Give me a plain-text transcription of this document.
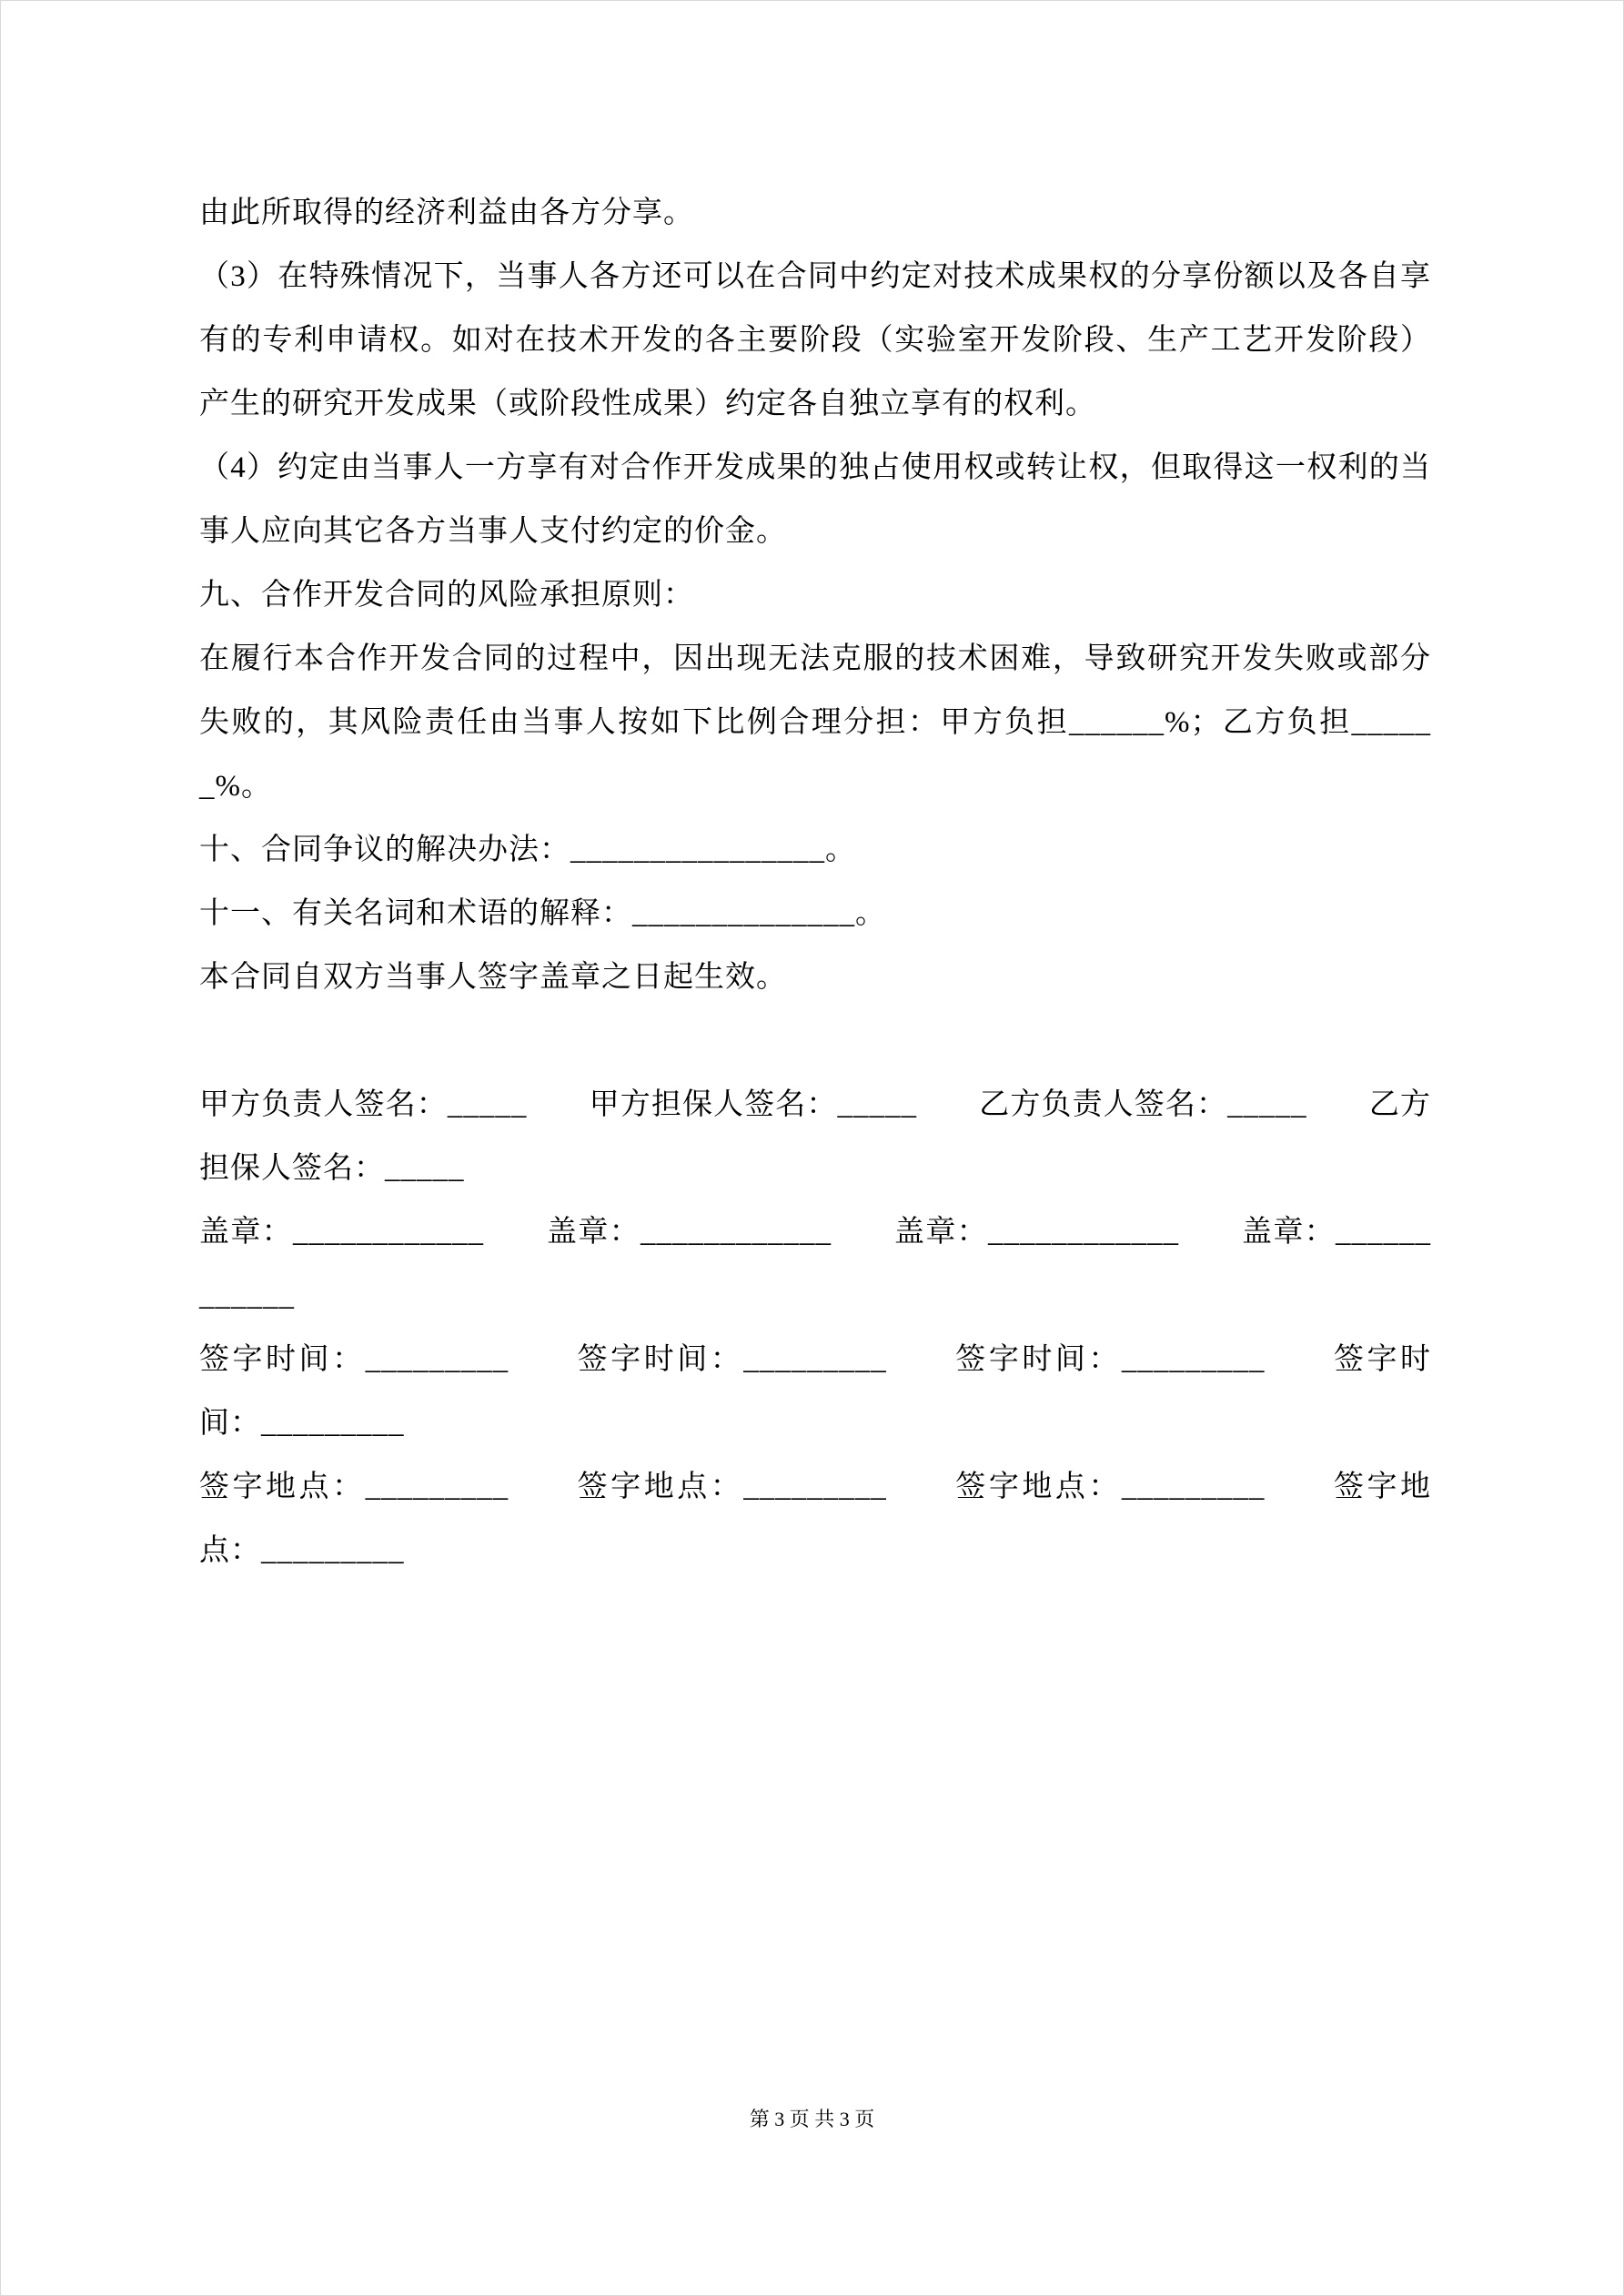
由此所取得的经济利益由各方分享。

（3）在特殊情况下，当事人各方还可以在合同中约定对技术成果权的分享份额以及各自享有的专利申请权。如对在技术开发的各主要阶段（实验室开发阶段、生产工艺开发阶段）产生的研究开发成果（或阶段性成果）约定各自独立享有的权利。

（4）约定由当事人一方享有对合作开发成果的独占使用权或转让权，但取得这一权利的当事人应向其它各方当事人支付约定的价金。

九、合作开发合同的风险承担原则：

在履行本合作开发合同的过程中，因出现无法克服的技术困难，导致研究开发失败或部分失败的，其风险责任由当事人按如下比例合理分担：甲方负担______%；乙方负担______%。

十、合同争议的解决办法：________________。

十一、有关名词和术语的解释：______________。

本合同自双方当事人签字盖章之日起生效。

甲方负责人签名：_____　　甲方担保人签名：_____　　乙方负责人签名：_____　　乙方担保人签名：_____

盖章：____________　　盖章：____________　　盖章：____________　　盖章：____________

签字时间：_________　　签字时间：_________　　签字时间：_________　　签字时间：_________

签字地点：_________　　签字地点：_________　　签字地点：_________　　签字地点：_________

第 3 页 共 3 页
